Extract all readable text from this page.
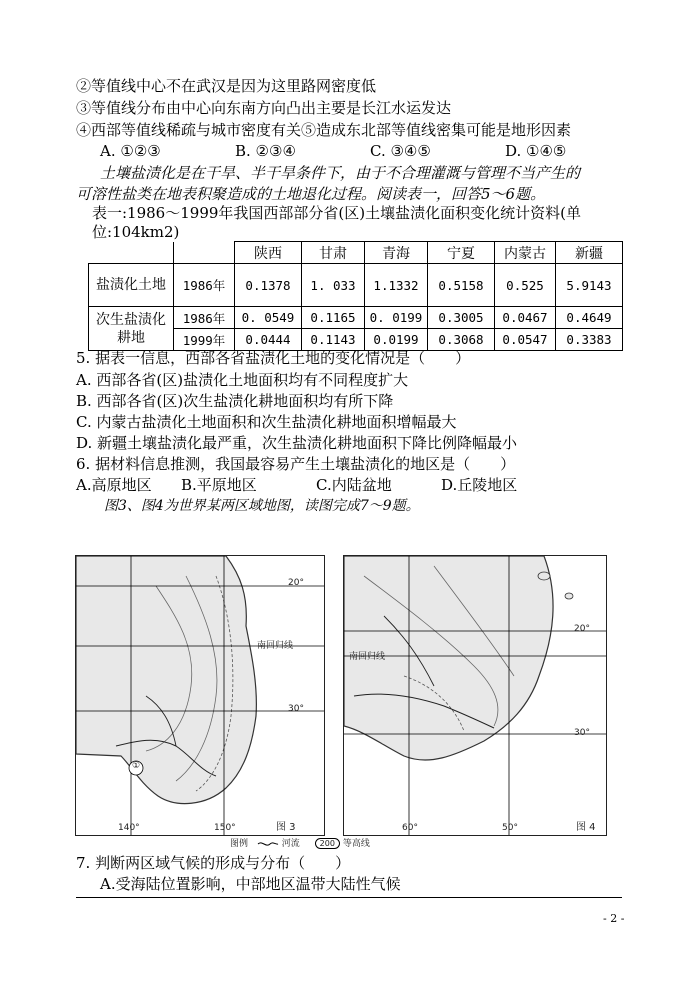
②等值线中心不在武汉是因为这里路网密度低
③等值线分布由中心向东南方向凸出主要是长江水运发达
④西部等值线稀疏与城市密度有关⑤造成东北部等值线密集可能是地形因素
A. ①②③	B. ②③④	C. ③④⑤	D. ①④⑤
土壤盐渍化是在干旱、半干旱条件下，由于不合理灌溉与管理不当产生的
可溶性盐类在地表积聚造成的土地退化过程。阅读表一，回答5～6题。
表一:1986～1999年我国西部部分省(区)土壤盐渍化面积变化统计资料(单
位:104km2)
		陕西	甘肃	青海	宁夏	内蒙古	新疆
盐渍化土地	1986年	0.1378	1. 033	1.1332	0.5158	0.525	5.9143
次生盐渍化耕地	1986年	0. 0549	0.1165	0. 0199	0.3005	0.0467	0.4649
	1999年	0.0444	0.1143	0.0199	0.3068	0.0547	0.3383
5. 据表一信息，西部各省盐渍化土地的变化情况是（　　）
A. 西部各省(区)盐渍化土地面积均有不同程度扩大
B. 西部各省(区)次生盐渍化耕地面积均有所下降
C. 内蒙古盐渍化土地面积和次生盐渍化耕地面积增幅最大
D. 新疆土壤盐渍化最严重，次生盐渍化耕地面积下降比例降幅最小
6. 据材料信息推测，我国最容易产生土壤盐渍化的地区是（　　）
A.高原地区 B.平原地区	C.内陆盆地	D.丘陵地区
图3、图4为世界某两区域地图，读图完成7～9题。
20°
南回归线
30°
①
图 3
140°	150°
20°
南回归线
30°
图 4
60°	50°
图例	河流 200 等高线
7. 判断两区域气候的形成与分布（　　）
A.受海陆位置影响，中部地区温带大陆性气候
- 2 -
